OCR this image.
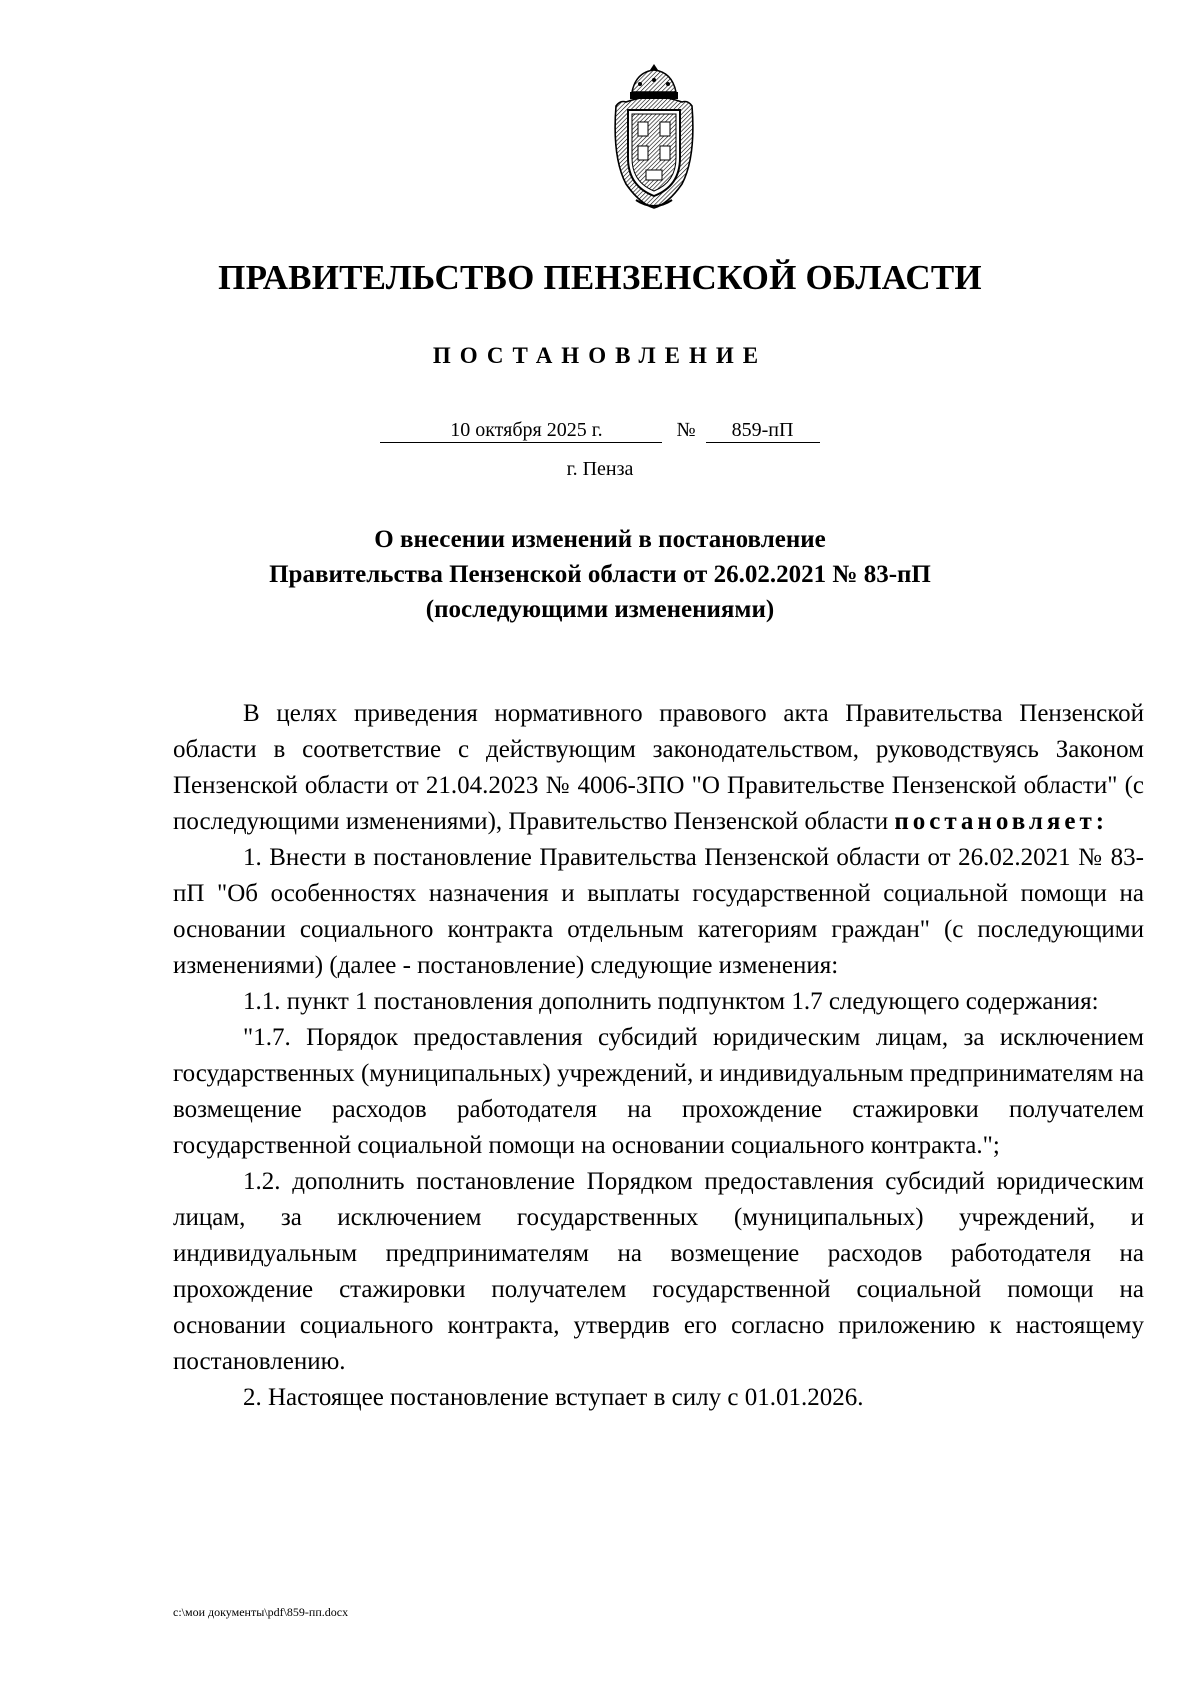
ПРАВИТЕЛЬСТВО ПЕНЗЕНСКОЙ ОБЛАСТИ
ПОСТАНОВЛЕНИЕ
10 октября 2025 г.	№ 859-пП
г. Пенза
О внесении изменений в постановление
Правительства Пензенской области от 26.02.2021 № 83-пП
(последующими изменениями)

В целях приведения нормативного правового акта Правительства Пензенской области в соответствие с действующим законодательством, руководствуясь Законом Пензенской области от 21.04.2023 № 4006-ЗПО "О Правительстве Пензенской области" (с последующими изменениями), Правительство Пензенской области постановляет:

1. Внести в постановление Правительства Пензенской области от 26.02.2021 № 83-пП "Об особенностях назначения и выплаты государственной социальной помощи на основании социального контракта отдельным категориям граждан" (с последующими изменениями) (далее - постановление) следующие изменения:

1.1. пункт 1 постановления дополнить подпунктом 1.7 следующего содержания:

"1.7. Порядок предоставления субсидий юридическим лицам, за исключением государственных (муниципальных) учреждений, и индивидуальным предпринимателям на возмещение расходов работодателя на прохождение стажировки получателем государственной социальной помощи на основании социального контракта.";

1.2. дополнить постановление Порядком предоставления субсидий юридическим лицам, за исключением государственных (муниципальных) учреждений, и индивидуальным предпринимателям на возмещение расходов работодателя на прохождение стажировки получателем государственной социальной помощи на основании социального контракта, утвердив его согласно приложению к настоящему постановлению.

2. Настоящее постановление вступает в силу с 01.01.2026.

c:\мои документы\pdf\859-пп.docx
